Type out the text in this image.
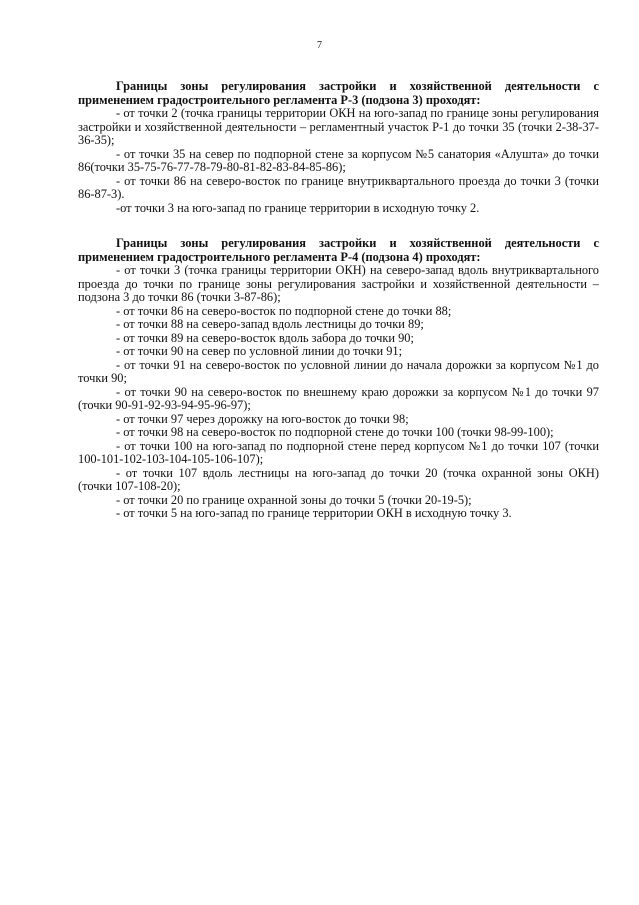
7

Границы зоны регулирования застройки и хозяйственной деятельности с применением градостроительного регламента Р-3 (подзона 3) проходят:

- от точки 2 (точка границы территории ОКН на юго-запад по границе зоны регулирования застройки и хозяйственной деятельности – регламентный участок Р-1 до точки 35 (точки 2-38-37-36-35);

- от точки 35 на север по подпорной стене за корпусом №5 санатория «Алушта» до точки 86(точки 35-75-76-77-78-79-80-81-82-83-84-85-86);

- от точки 86 на северо-восток по границе внутриквартального проезда до точки 3 (точки 86-87-3).

-от точки 3 на юго-запад по границе территории в исходную точку 2.

Границы зоны регулирования застройки и хозяйственной деятельности с применением градостроительного регламента Р-4 (подзона 4) проходят:

- от точки 3 (точка границы территории ОКН) на северо-запад вдоль внутриквартального проезда до точки по границе зоны регулирования застройки и хозяйственной деятельности – подзона 3 до точки 86 (точки 3-87-86);

- от точки 86 на северо-восток по подпорной стене до точки 88;

- от точки 88 на северо-запад вдоль лестницы до точки 89;

- от точки 89 на северо-восток вдоль забора до точки 90;

- от точки 90 на север по условной линии до точки 91;

- от точки 91 на северо-восток по условной линии до начала дорожки за корпусом №1 до точки 90;

- от точки 90 на северо-восток по внешнему краю дорожки за корпусом №1 до точки 97 (точки 90-91-92-93-94-95-96-97);

- от точки 97 через дорожку на юго-восток до точки 98;

- от точки 98 на северо-восток по подпорной стене до точки 100 (точки 98-99-100);

- от точки 100 на юго-запад по подпорной стене перед корпусом №1 до точки 107 (точки 100-101-102-103-104-105-106-107);

- от точки 107 вдоль лестницы на юго-запад до точки 20 (точка охранной зоны ОКН) (точки 107-108-20);

- от точки 20 по границе охранной зоны до точки 5 (точки 20-19-5);

- от точки 5 на юго-запад по границе территории ОКН в исходную точку 3.
